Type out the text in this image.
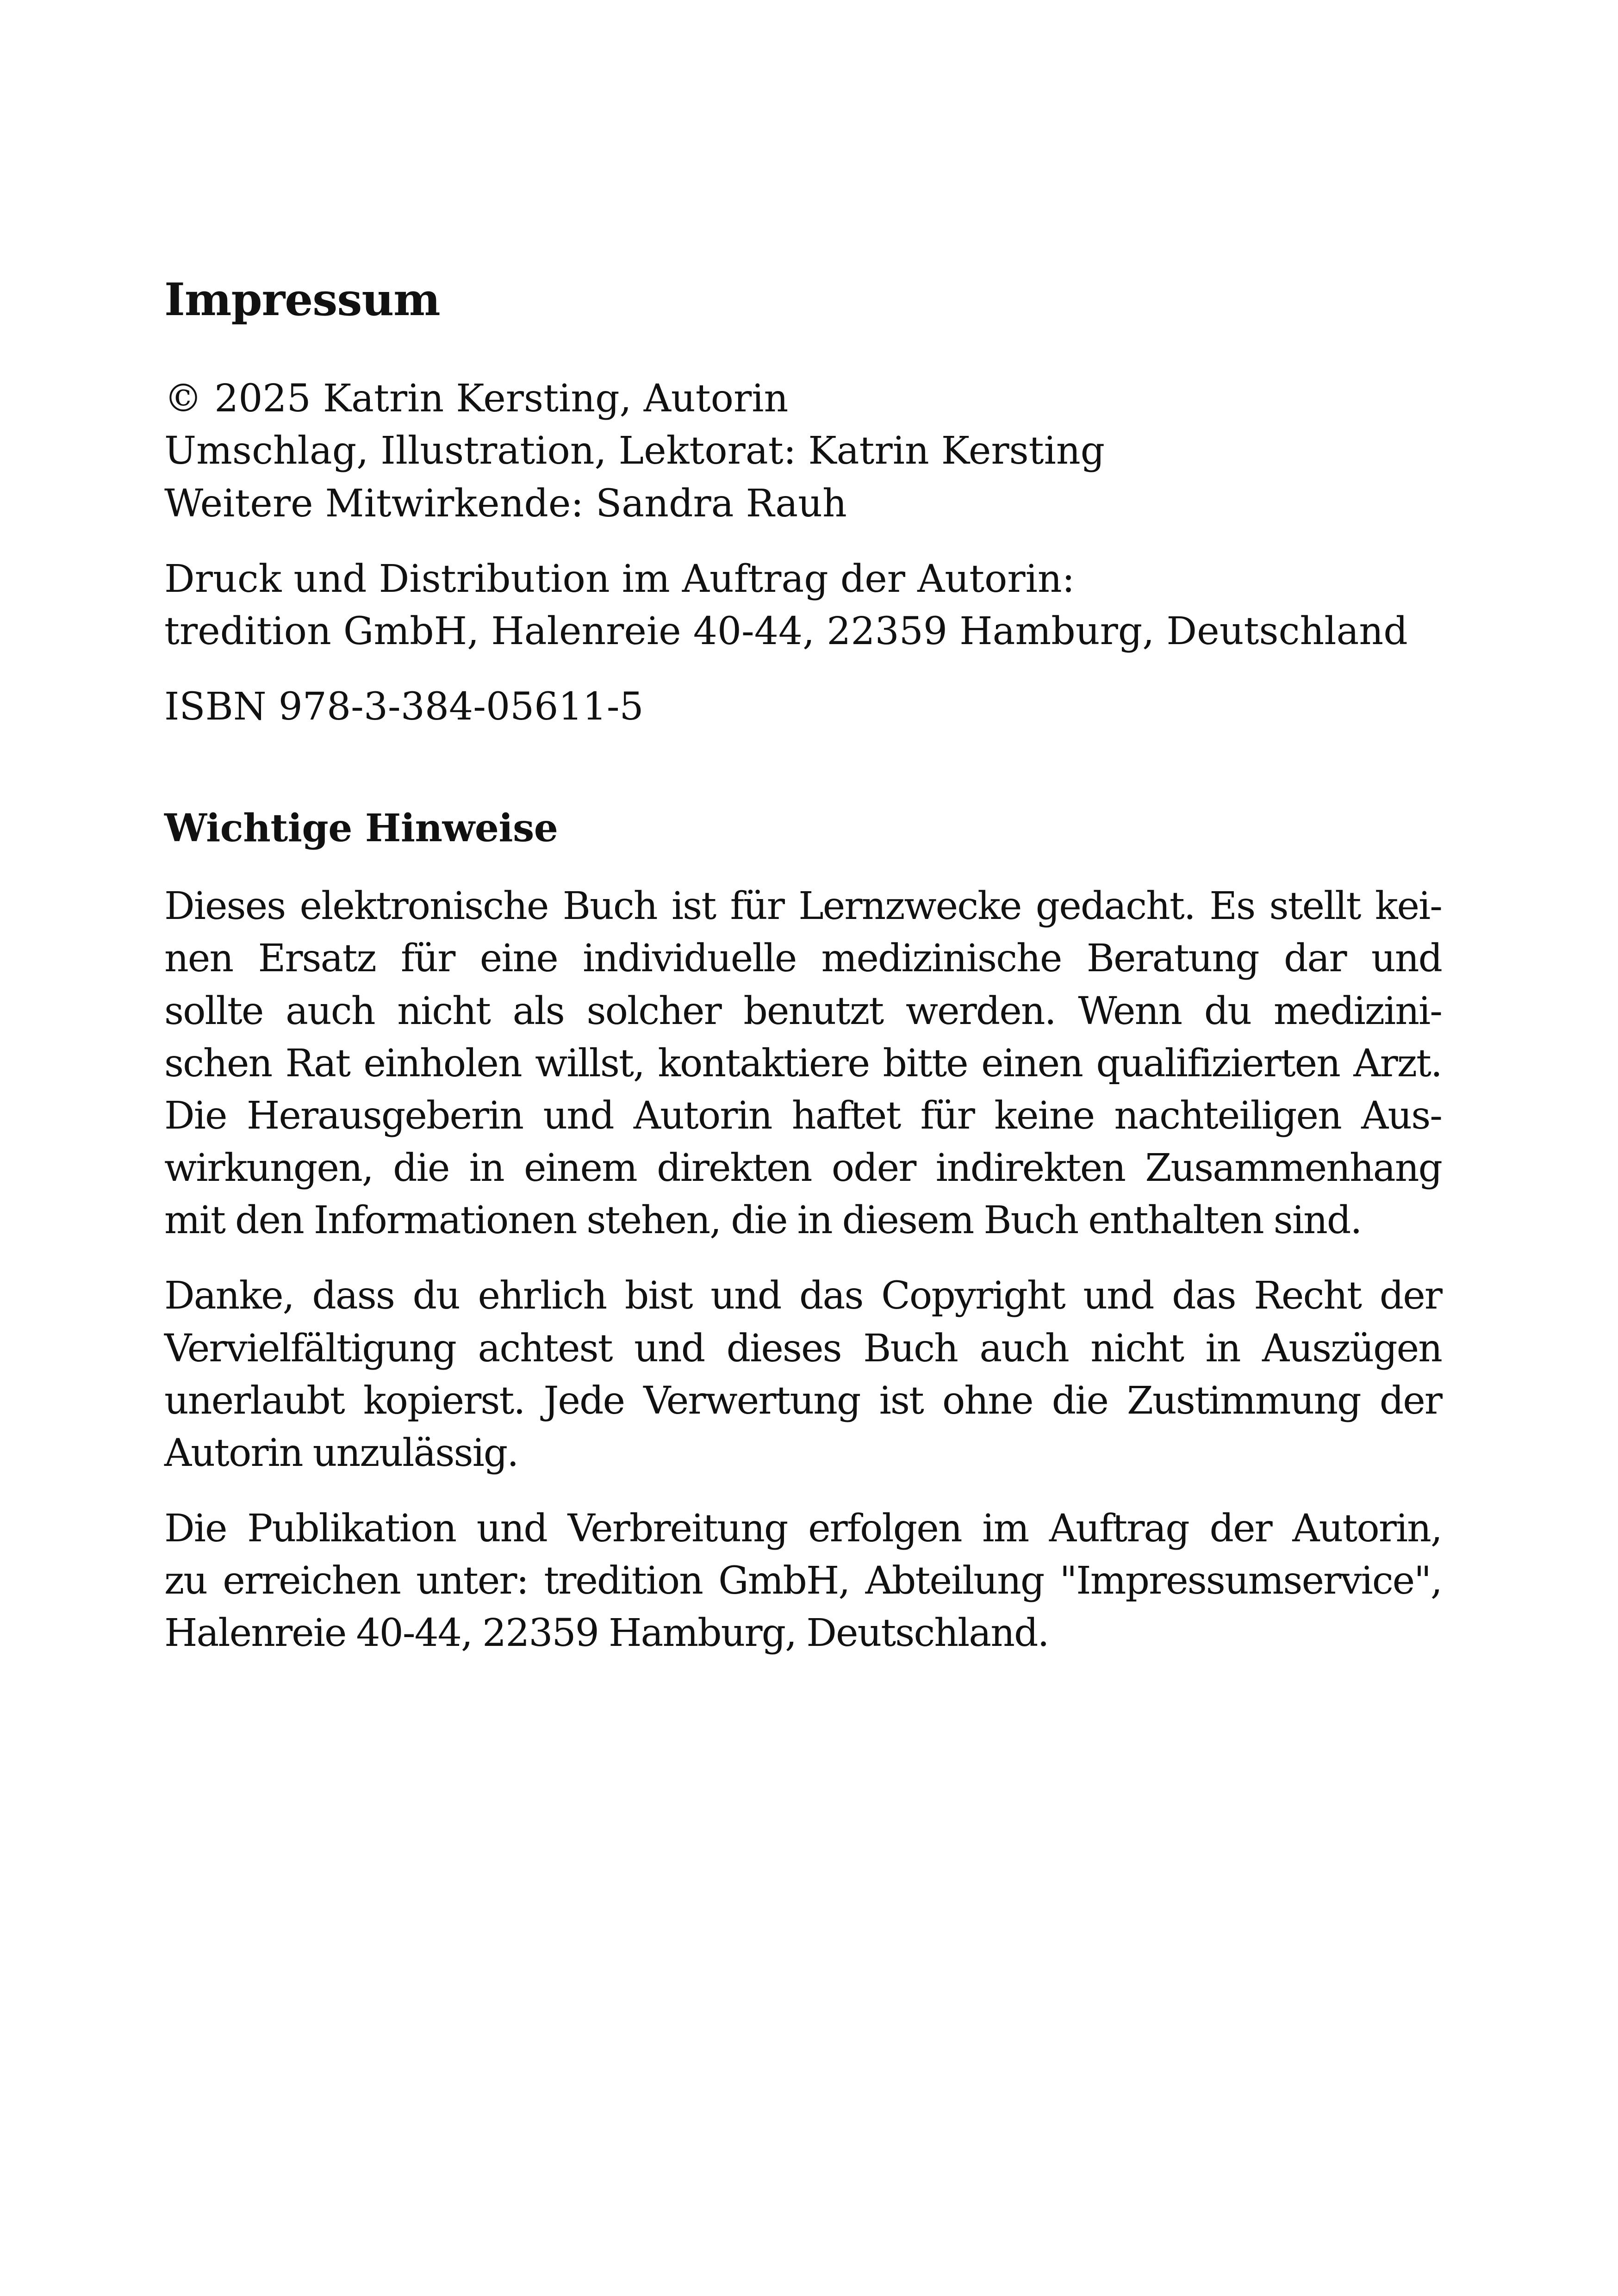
Impressum
© 2025 Katrin Kersting, Autorin
Umschlag, Illustration, Lektorat: Katrin Kersting
Weitere Mitwirkende: Sandra Rauh
Druck und Distribution im Auftrag der Autorin:
tredition GmbH, Halenreie 40-44, 22359 Hamburg, Deutschland
ISBN 978-3-384-05611-5
Wichtige Hinweise

Dieses elektronische Buch ist für Lernzwecke gedacht. Es stellt kei-
nen Ersatz für eine individuelle medizinische Beratung dar und
sollte auch nicht als solcher benutzt werden. Wenn du medizini-
schen Rat einholen willst, kontaktiere bitte einen qualifizierten Arzt.
Die Herausgeberin und Autorin haftet für keine nachteiligen Aus-
wirkungen, die in einem direkten oder indirekten Zusammenhang
mit den Informationen stehen, die in diesem Buch enthalten sind.

Danke, dass du ehrlich bist und das Copyright und das Recht der
Vervielfältigung achtest und dieses Buch auch nicht in Auszügen
unerlaubt kopierst. Jede Verwertung ist ohne die Zustimmung der
Autorin unzulässig.

Die Publikation und Verbreitung erfolgen im Auftrag der Autorin,
zu erreichen unter: tredition GmbH, Abteilung "Impressumservice",
Halenreie 40-44, 22359 Hamburg, Deutschland.
